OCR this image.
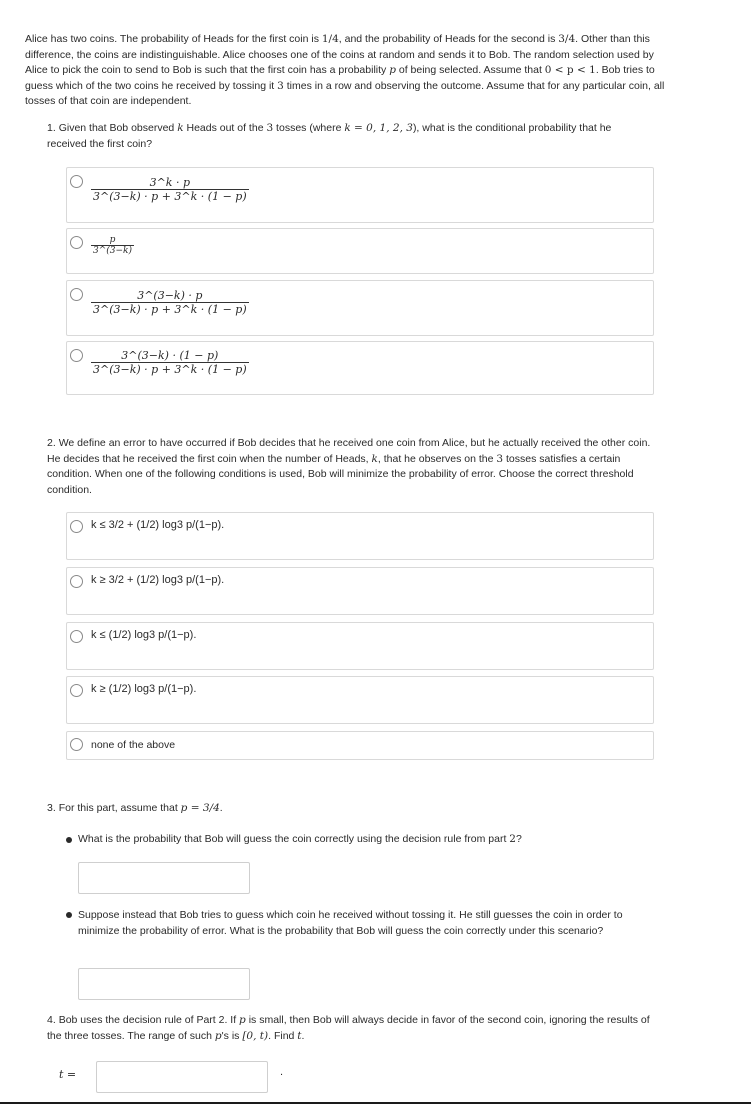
Alice has two coins. The probability of Heads for the first coin is 1/4, and the probability of Heads for the second is 3/4. Other than this difference, the coins are indistinguishable. Alice chooses one of the coins at random and sends it to Bob. The random selection used by Alice to pick the coin to send to Bob is such that the first coin has a probability p of being selected. Assume that 0 < p < 1. Bob tries to guess which of the two coins he received by tossing it 3 times in a row and observing the outcome. Assume that for any particular coin, all tosses of that coin are independent.
1. Given that Bob observed k Heads out of the 3 tosses (where k = 0, 1, 2, 3), what is the conditional probability that he received the first coin?
$\frac{3\^{}k \cdot p}{3\^{}(3-k) \cdot p + 3\^{}k \cdot (1 - p)}$
$\frac{p}{3\^{}(3-k)}$
$\frac{3\^{}(3-k) \cdot p}{3\^{}(3-k) \cdot p + 3\^{}k \cdot (1 - p)}$
$\frac{3\^{}(3-k) \cdot (1 - p)}{3\^{}(3-k) \cdot p + 3\^{}k \cdot (1 - p)}$
2. We define an error to have occurred if Bob decides that he received one coin from Alice, but he actually received the other coin. He decides that he received the first coin when the number of Heads, k, that he observes on the 3 tosses satisfies a certain condition. When one of the following conditions is used, Bob will minimize the probability of error. Choose the correct threshold condition.
k ≤ 3/2 + (1/2) log3 p/(1−p).
k ≥ 3/2 + (1/2) log3 p/(1−p).
k ≤ (1/2) log3 p/(1−p).
k ≥ (1/2) log3 p/(1−p).
none of the above
3. For this part, assume that p = 3/4.
What is the probability that Bob will guess the coin correctly using the decision rule from part 2?
Suppose instead that Bob tries to guess which coin he received without tossing it. He still guesses the coin in order to minimize the probability of error. What is the probability that Bob will guess the coin correctly under this scenario?
4. Bob uses the decision rule of Part 2. If p is small, then Bob will always decide in favor of the second coin, ignoring the results of the three tosses. The range of such p's is [0, t). Find t.
t =	.
